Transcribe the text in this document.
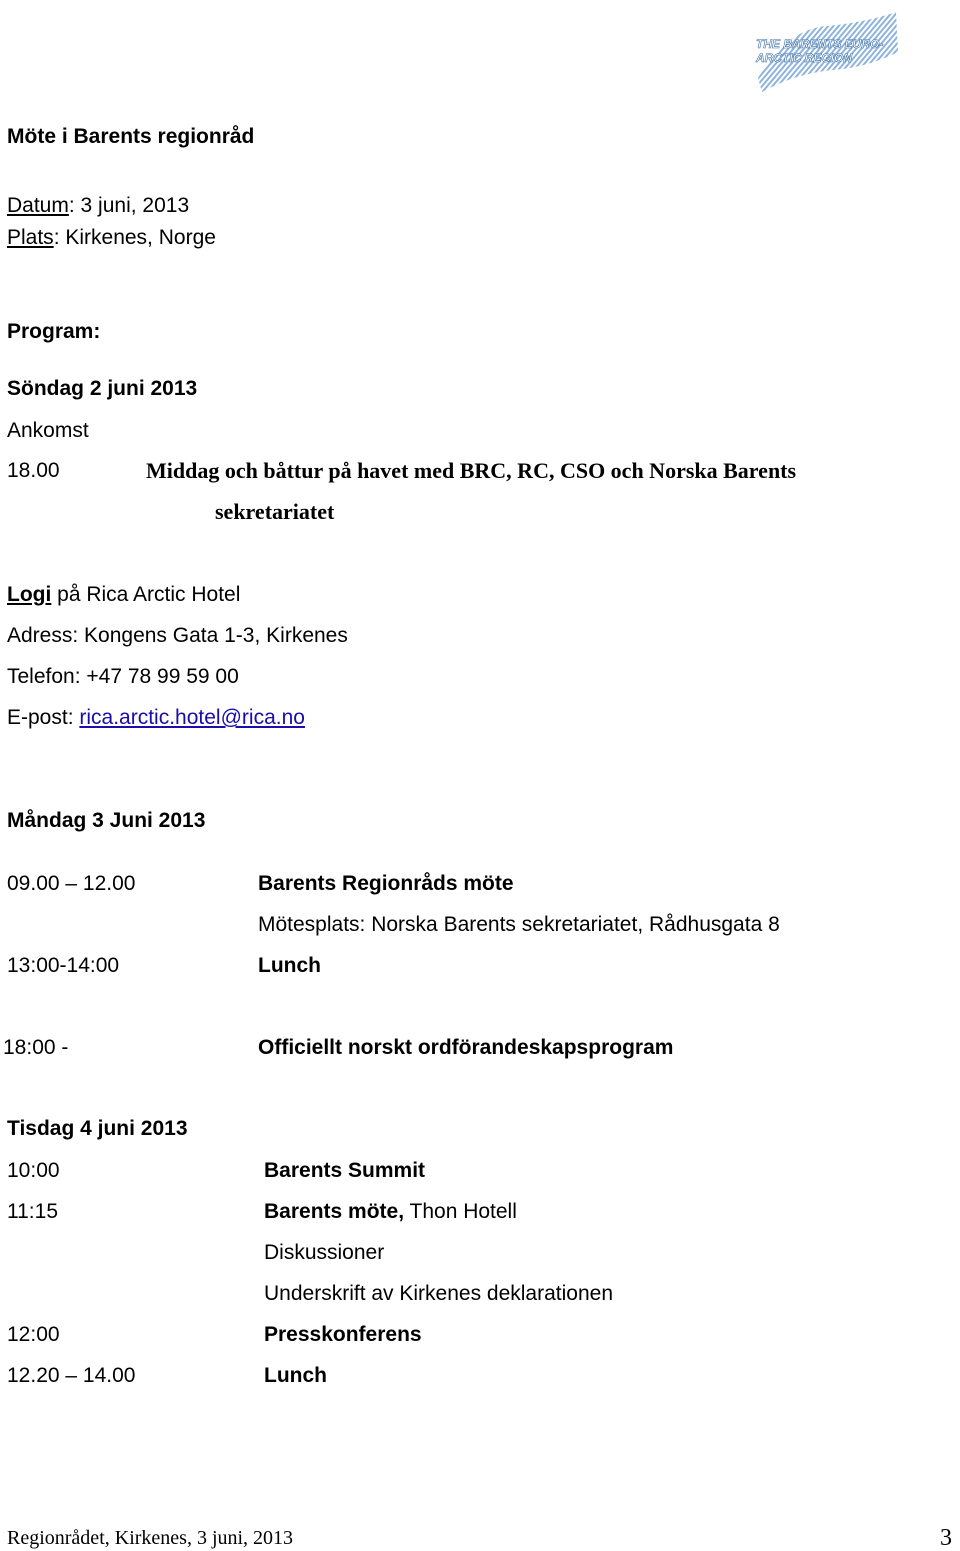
THE BARENTS EURO-
ARCTIC REGION
Möte i Barents regionråd
Datum: 3 juni, 2013
Plats: Kirkenes, Norge
Program:
Söndag 2 juni 2013
Ankomst
18.00	Middag och båttur på havet med BRC, RC, CSO och Norska Barents
sekretariatet
Logi på Rica Arctic Hotel
Adress: Kongens Gata 1-3, Kirkenes
Telefon: +47 78 99 59 00
E-post: rica.arctic.hotel@rica.no
Måndag 3 Juni 2013
09.00 – 12.00	Barents Regionråds möte
Mötesplats: Norska Barents sekretariatet, Rådhusgata 8
13:00-14:00	Lunch
18:00 -	Officiellt norskt ordförandeskapsprogram
Tisdag 4 juni 2013
10:00	Barents Summit
11:15	Barents möte, Thon Hotell
Diskussioner
Underskrift av Kirkenes deklarationen
12:00	Presskonferens
12.20 – 14.00	Lunch
Regionrådet, Kirkenes, 3 juni, 2013	3
